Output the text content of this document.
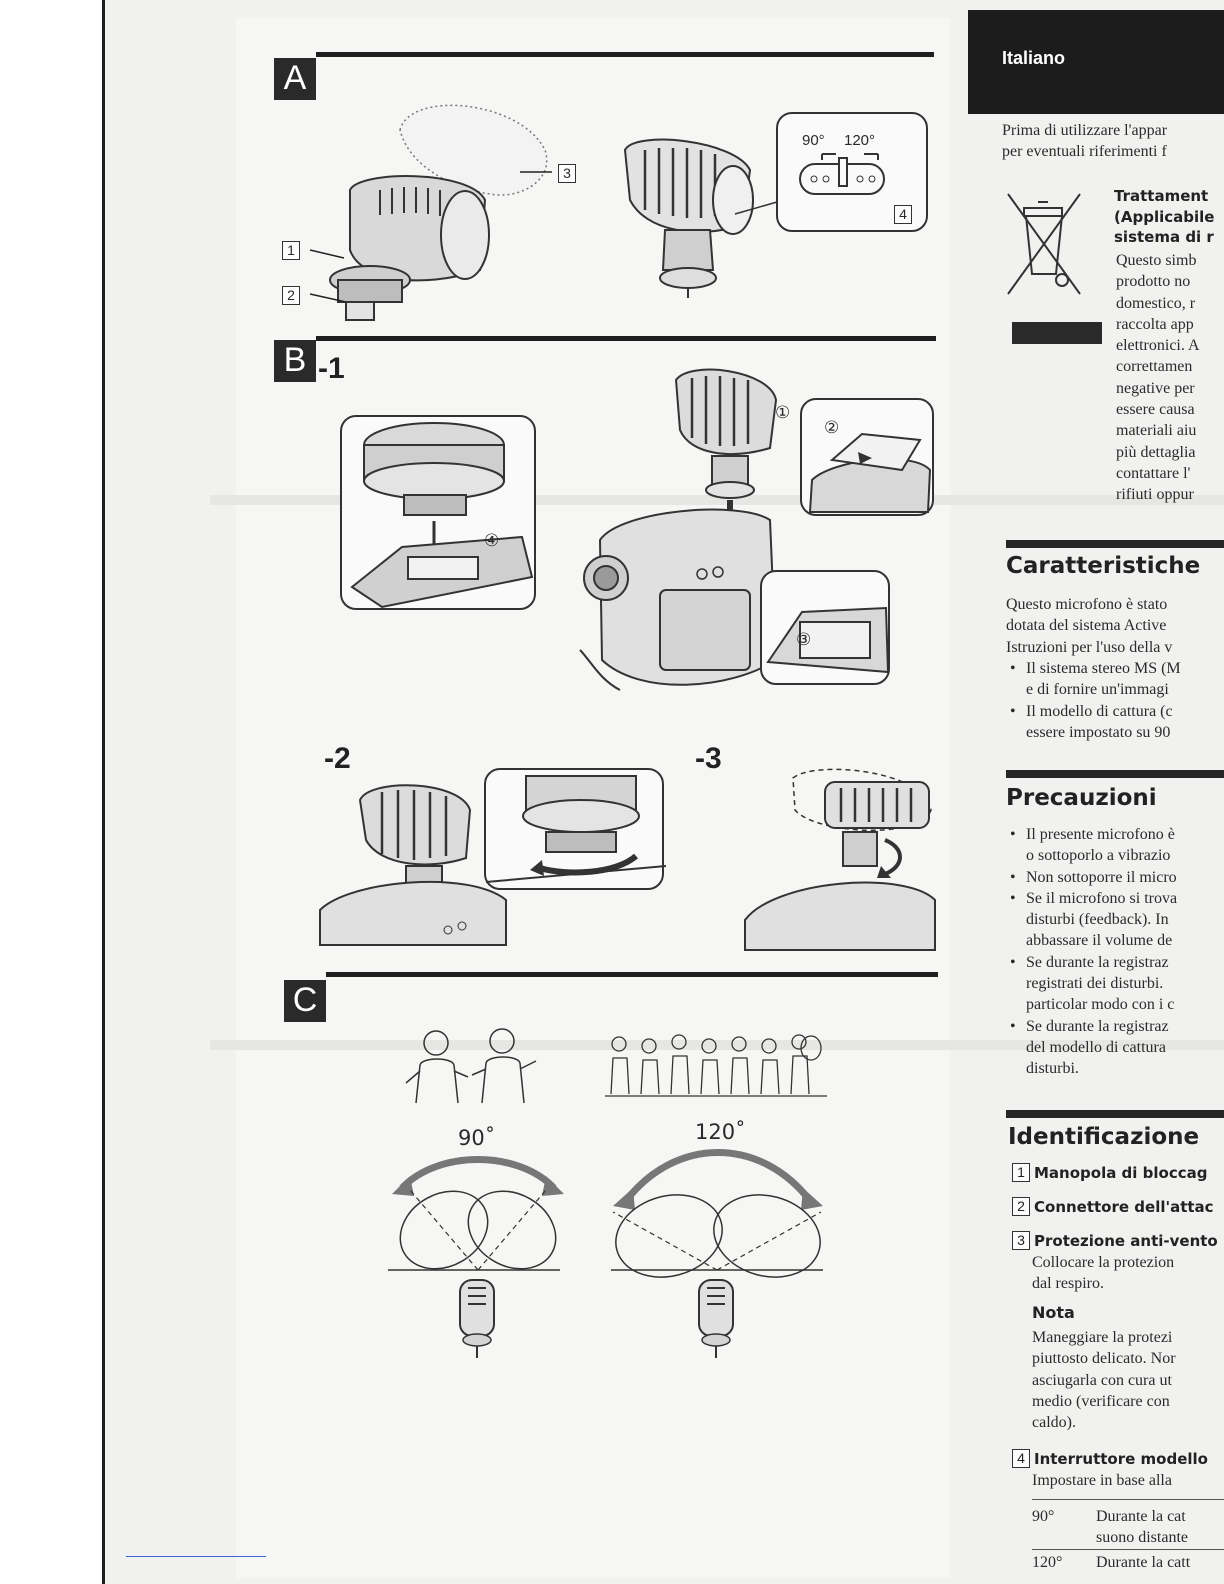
A
1
2
3
90° 120°
4
B -1
④
①
②
③
-2	-3
C
90˚	120˚
Italiano
Prima di utilizzare l'appar
per eventuali riferimenti f
Trattament
(Applicabile
sistema di r
Questo simb
prodotto no
domestico, r
raccolta app
elettronici. A
correttamen
negative per
essere causa
materiali aiu
più dettaglia
contattare l'
rifiuti oppur
Caratteristiche
Questo microfono è stato
dotata del sistema Active
Istruzioni per l'uso della v
• Il sistema stereo MS (M
e di fornire un'immagi
• Il modello di cattura (c
essere impostato su 90
Precauzioni
• Il presente microfono è
o sottoporlo a vibrazio
• Non sottoporre il micro
• Se il microfono si trova
disturbi (feedback). In
abbassare il volume de
• Se durante la registraz
registrati dei disturbi.
particolar modo con i c
• Se durante la registraz
del modello di cattura
disturbi.
Identificazione
1 Manopola di bloccag
2 Connettore dell'attac
3 Protezione anti-vento
Collocare la protezion
dal respiro.
Nota
Maneggiare la protezi
piuttosto delicato. Nor
asciugarla con cura ut
medio (verificare con
caldo).
4 Interruttore modello
Impostare in base alla
90°	Durante la cat
suono distante
120° Durante la catt
